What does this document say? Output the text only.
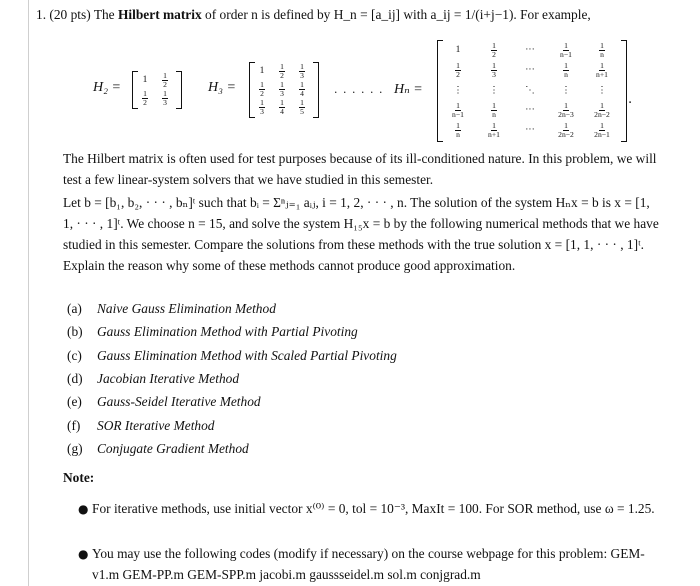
1. (20 pts) The Hilbert matrix of order n is defined by H_n = [a_ij] with a_ij = 1/(i+j−1). For example,
H₂ =	1	$\frac{1}{2}$
$\frac{1}{2} \frac{1}{3}$
H₃ =
1	$\frac{1}{2} \frac{1}{3}$
$\frac{1}{2} \frac{1}{3} \frac{1}{4}$
$\frac{1}{3} \frac{1}{4} \frac{1}{5}$
· · · · · · Hₙ =
1	$\frac{1}{2}$	···	$\frac{1}{n-1}$	$\frac{1}{n}$
$\frac{1}{2}$	$\frac{1}{3}$	···	$\frac{1}{n}$	$\frac{1}{n+1}$
⋮	⋮	⋱	⋮	⋮
$\frac{1}{n-1}$	$\frac{1}{n}$	···	$\frac{1}{2n-3} \frac{1}{2n-2}$
$\frac{1}{n}$	$\frac{1}{n+1}$	···	$\frac{1}{2n-2} \frac{1}{2n-1}$
.
The Hilbert matrix is often used for test purposes because of its ill-conditioned nature. In this problem, we will test a few linear-system solvers that we have studied in this semester.
Let b = [b₁, b₂, · · · , bₙ]ᵗ such that bᵢ = Σⁿⱼ₌₁ aᵢⱼ, i = 1, 2, · · · , n. The solution of the system Hₙx = b is x = [1, 1, · · · , 1]ᵗ. We choose n = 15, and solve the system H₁₅x = b by the following numerical methods that we have studied in this semester. Compare the solutions from these methods with the true solution x = [1, 1, · · · , 1]ᵗ. Explain the reason why some of these methods cannot produce good approximation.
(a) Naive Gauss Elimination Method
(b) Gauss Elimination Method with Partial Pivoting
(c) Gauss Elimination Method with Scaled Partial Pivoting
(d) Jacobian Iterative Method
(e) Gauss-Seidel Iterative Method
(f) SOR Iterative Method
(g) Conjugate Gradient Method
Note:
● For iterative methods, use initial vector x⁽⁰⁾ = 0, tol = 10⁻³, MaxIt = 100. For SOR method, use ω = 1.25.
● You may use the following codes (modify if necessary) on the course webpage for this problem: GEM-v1.m GEM-PP.m GEM-SPP.m jacobi.m gaussseidel.m sol.m conjgrad.m
